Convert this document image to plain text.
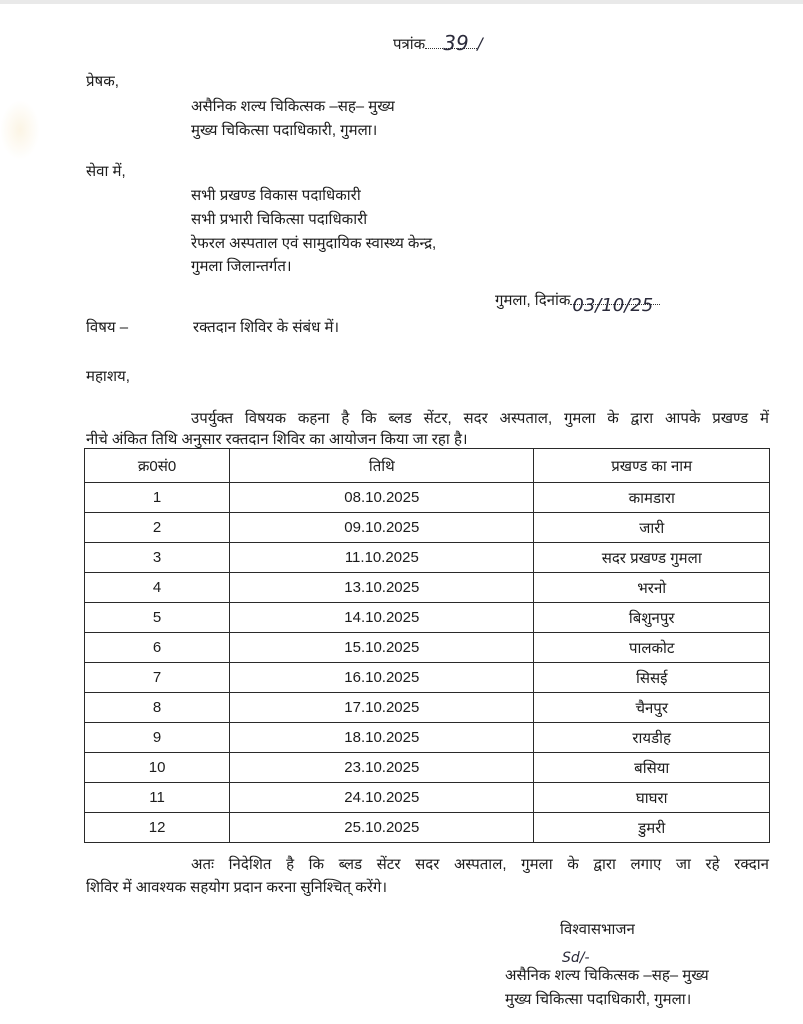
पत्रांक 39 /
प्रेषक,
असैनिक शल्य चिकित्सक –सह– मुख्य
मुख्य चिकित्सा पदाधिकारी, गुमला।
सेवा में,
सभी प्रखण्ड विकास पदाधिकारी
सभी प्रभारी चिकित्सा पदाधिकारी
रेफरल अस्पताल एवं सामुदायिक स्वास्थ्य केन्द्र,
गुमला जिलान्तर्गत।
गुमला, दिनांक 03/10/25
विषय –	रक्तदान शिविर के संबंध में।
महाशय,
उपर्युक्त विषयक कहना है कि ब्लड सेंटर, सदर अस्पताल, गुमला के द्वारा आपके प्रखण्ड में
नीचे अंकित तिथि अनुसार रक्तदान शिविर का आयोजन किया जा रहा है।
क्र0सं0	तिथि	प्रखण्ड का नाम
1	08.10.2025	कामडारा
2	09.10.2025	जारी
3	11.10.2025	सदर प्रखण्ड गुमला
4	13.10.2025	भरनो
5	14.10.2025	बिशुनपुर
6	15.10.2025	पालकोट
7	16.10.2025	सिसई
8	17.10.2025	चैनपुर
9	18.10.2025	रायडीह
10	23.10.2025	बसिया
11	24.10.2025	घाघरा
12	25.10.2025	डुमरी
अतः निदेशित है कि ब्लड सेंटर सदर अस्पताल, गुमला के द्वारा लगाए जा रहे रक्दान
शिविर में आवश्यक सहयोग प्रदान करना सुनिश्चित् करेंगे।
विश्वासभाजन
Sd/-
असैनिक शल्य चिकित्सक –सह– मुख्य
मुख्य चिकित्सा पदाधिकारी, गुमला।
